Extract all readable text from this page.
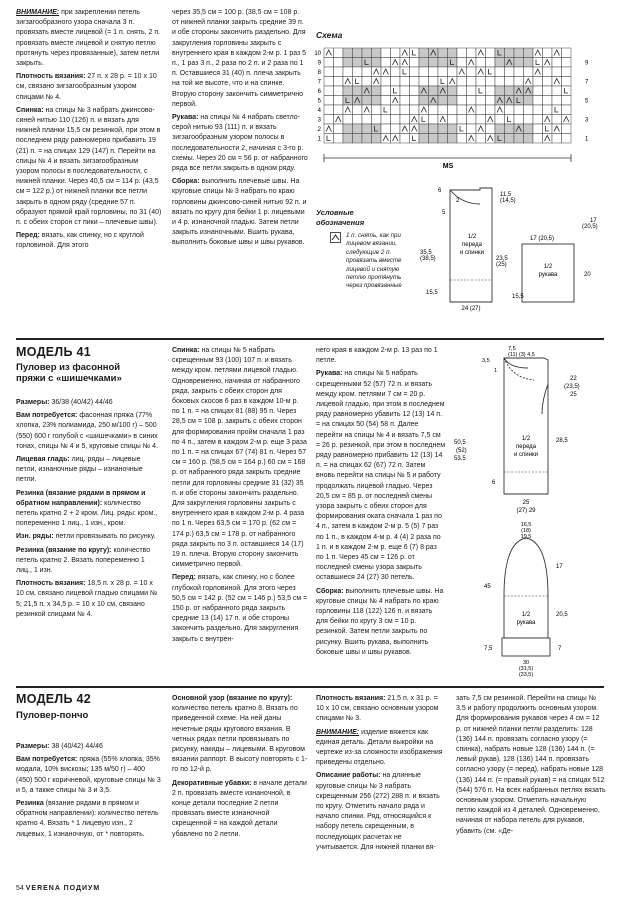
ВНИМАНИЕ: при закреплении петель зигзагообразного узора сначала 3 п. провязать вместе лицевой (= 1 п. снять, 2 п. провязать вместе лицевой и снятую петлю протянуть через провязанные), затем петли закрыть.

Плотность вязания: 27 п. х 28 р. = 10 х 10 см, связано зигзагообразным узором спицами № 4.

Спинка: на спицы № 3 набрать джинсово-синей нитью 110 (126) п. и вязать для нижней планки 15,5 см резинкой, при этом в последнем ряду равномерно прибавить 19 (21) п. = на спицах 129 (147) п. Перейти на спицы № 4 и вязать зигзагообразным узором полосы в последовательности, с нижней планки. Через 40,5 см = 114 р. (43,5 см = 122 р.) от нижней планки все петли закрыть в одном ряду (средние 57 п. образуют прямой край горловины, по 31 (40) п. с обеих сторон ст пики – плечевые швы).

Перед: вязать, как спинку, но с круглой горловиной. Для этого

через 35,5 см = 100 р. (38,5 см = 108 р. от нижней планки закрыть средние 39 п. и обе стороны закончить раздельно. Для закругления горловины закрыть с внутреннего края в каждом 2-м р. 1 раз 5 п., 1 раз 3 п., 2 раза по 2 п. и 2 раза по 1 п. Оставшиеся 31 (40) п. плеча закрыть на той же высоте, что и на спинке. Вторую сторону закончить симметрично первой.

Рукава: на спицы № 4 набрать светло-серой нитью 93 (111) п. и вязать зигзагообразным узором полосы в последовательности 2, начиная с 3-го р. схемы. Через 20 см = 56 р. от набранного ряда все петли закрыть в одном ряду.

Сборка: выполнить плечевые швы. На круговые спицы № 3 набрать по краю горловины джинсово-синей нитью 92 п. и вязать по кругу для бейки 1 р. лицевыми и 4 р. изнаночной гладью. Затем петли закрыть изнаночными. Вшить рукава, выполнить боковые швы и швы рукавов.

Схема
10
9
8
7
6
5
4
3
2
1
9
7
5
3
1
MS
Условные
обозначения
1 п. снять, как при лицевом вязании, следующие 2 п. провязать вместе лицевой и снятую петлю протянуть через провязанные
1/2
переда
и спинки
11,5
(14,5)
6
2
5
35,5
(38,5)	23,5
(25)
15,5
24 (27)
1/2
рукава
17
(20,5)
17 (20,5)
20
15,5
МОДЕЛЬ 41
Пуловер из фасонной пряжи с «шишечками»

Размеры: 36/38 (40/42) 44/46

Вам потребуется: фасонная пряжа (77% хлопка, 23% полиамида, 250 м/100 г) – 500 (550) 600 г голубой с «шишечками» в синих тонах, спицы № 4 и 5, круговые спицы № 4.

Лицевая гладь: лиц. ряды – лицевые петли, изнаночные ряды – изнаночные петли.

Резинка (вязание рядами в прямом и обратном направлении): количество петель кратно 2 + 2 кром. Лиц. ряды: кром., попеременно 1 лиц., 1 изн., кром.

Изн. ряды: петли провязывать по рисунку.

Резинка (вязание по кругу): количество петель кратно 2. Вязать попеременно 1 лиц., 1 изн.

Плотность вязания: 18,5 п. х 28 р. = 10 х 10 см, связано лицевой гладью спицами № 5; 21,5 п. х 34,5 р. = 10 х 10 см, связано резинкой спицами № 4.

Спинка: на спицы № 5 набрать скрещенным 93 (100) 107 п. и вязать между кром. петлями лицевой гладью. Одновременно, начиная от набранного ряда, закрыть с обеих сторон для боковых скосов 6 раз в каждом 10-м р. по 1 п. = на спицах 81 (88) 95 п. Через 28,5 см = 108 р. закрыть с обеих сторон для формирования пройм сначала 1 раз по 4 п., затем в каждом 2-м р. еще 3 раза по 1 п. = на спицах 67 (74) 81 п. Через 57 см = 160 р. (58,5 см = 164 р.) 60 см = 168 р. от набранного ряда закрыть средние петли для горловины средние 31 (32) 35 п. и обе стороны закончить раздельно. Для закругления горловины закрыть с внутреннего края в каждом 2-м р. 4 раза по 1 п. Через 63,5 см = 170 р. (62 см = 174 р.) 63,5 см = 178 р. от набранного ряда закрыть по 3 п. оставшиеся 14 (17) 19 п. плеча. Вторую сторону закончить симметрично первой.

Перед: вязать, как спинку, но с более глубокой горловиной. Для этого через 50,5 см = 142 р. (52 см = 146 р.) 53,5 см = 150 р. от набранного ряда закрыть средние 13 (14) 17 п. и обе стороны закончить раздельно. Для закругления закрыть с внутрен-

него края в каждом 2-м р. 13 раз по 1 петле.

Рукава: на спицы № 5 набрать скрещенными 52 (57) 72 п. и вязать между кром. петлями 7 см = 20 р. лицевой гладью, при этом в последнем ряду равномерно убавить 12 (13) 14 п. = на спицах 50 (54) 58 п. Далее перейти на спицы № 4 и вязать 7,5 см = 26 р. резинкой, при этом в последнем ряду равномерно прибавить 12 (13) 14 п. = на спицах 62 (67) 72 п. Затем вновь перейти на спицы № 5 и работу продолжать лицевой гладью. Через 20,5 см = 85 р. от последней смены узора закрыть с обеих сторон для формирования оката сначала 1 раз по 4 п., затем в каждом 2-м р. 5 (5) 7 раз по 1 п., в каждом 4-м р. 4 (4) 2 раза по 1 п. и в каждом 2-м р. еще 6 (7) 8 раз по 1 п. Через 45 см = 126 р. от последней смены узора закрыть оставшиеся 24 (27) 30 петель.

Сборка: выполнить плечевые швы. На круговые спицы № 4 набрать по краю горловины 118 (122) 126 п. и вязать для бейки по кругу 3 см = 10 р. резинкой. Затем петли закрыть по рисунку. Вшить рукава, выполнить боковые швы и швы рукавов.

7,5
(11) (3) 4,5
3,5
1
22
(23,5)
25
50,5
(52)
53,5
28,5
6
1/2
переда
и спинки
25
(27) 29
16,5
(18)
19,5
17
45
20,5
1/2
рукава
7,5	7
30
(31,5)
(33,5)
МОДЕЛЬ 42
Пуловер-пончо

Размеры: 38 (40/42) 44/46

Вам потребуется: пряжа (55% хлопка, 35% модала, 10% вискозы; 135 м/50 г) – 400 (450) 500 г коричневой, круговые спицы № 3 и 5, а также спицы № 3 и 3,5.

Резинка (вязание рядами в прямом и обратном направлении): количество петель кратно 4. Вязать * 1 лицевую изн., 2 лицевых, 1 изнаночную, от * повторять.

Основной узор (вязание по кругу): количество петель кратно 8. Вязать по приведенной схеме. На ней даны нечетные ряды кругового вязания. В четных рядах петли провязывать по рисунку, накиды – лицевыми. В круговом вязании раппорт. В высоту повторять с 1-го по 12-й р.

Декоративные убавки: в начале детали 2 п. провязать вместе изнаночной, в конце детали последние 2 петли провязать вместе изнаночной скрещенной = на каждой детали убавлено по 2 петли.

Плотность вязания: 21,5 п. х 31 р. = 10 х 10 см, связано основным узором спицами № 3.

ВНИМАНИЕ: изделие вяжется как единая деталь. Детали выкройки на чертеже из-за сложности изображения приведены отдельно.

Описание работы: на длинные круговые спицы № 3 набрать скрещенным 256 (272) 288 п. и вязать по кругу. Отметить начало ряда и начало спинки. Ряд, относящийся к набору петель скрещенным, в последующих расчетах не учитывается. Для нижней планки вя-

зать 7,5 см резинкой. Перейти на спицы № 3,5 и работу продолжить основным узором. Для формирования рукавов через 4 см = 12 р. от нижней планки петли разделить: 128 (136) 144 п. провязать согласно узору (= спинка), набрать новые 128 (136) 144 п. (= левый рукав), 128 (136) 144 п. провязать согласно узору (= перед), набрать новые 128 (136) 144 п. (= правый рукав) = на спицах 512 (544) 576 п. На всех набранных петлях вязать основным узором. Отметить начальную петлю каждой из 4 деталей. Одновременно, начиная от набора петель для рукавов, убавить (см. «Де-

54 VERENA ПОДИУМ
